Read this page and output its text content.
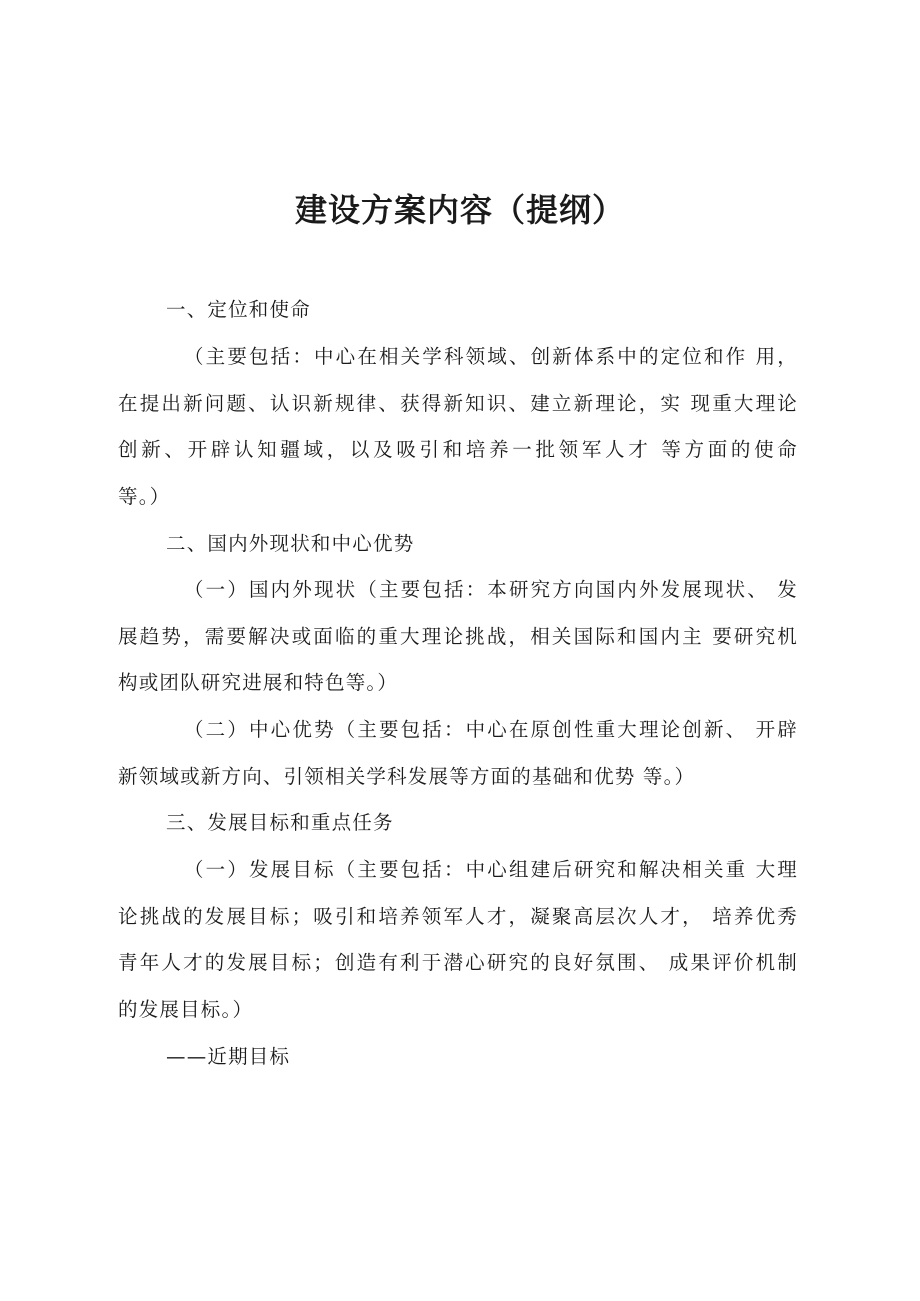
建设方案内容（提纲）

一、定位和使命

（主要包括：中心在相关学科领域、创新体系中的定位和作 用，

在提出新问题、认识新规律、获得新知识、建立新理论，实 现重大理论

创新、开辟认知疆域，以及吸引和培养一批领军人才 等方面的使命

等。）

二、国内外现状和中心优势

（一）国内外现状（主要包括：本研究方向国内外发展现状、 发

展趋势，需要解决或面临的重大理论挑战，相关国际和国内主 要研究机

构或团队研究进展和特色等。）

（二）中心优势（主要包括：中心在原创性重大理论创新、 开辟

新领域或新方向、引领相关学科发展等方面的基础和优势 等。）

三、发展目标和重点任务

（一）发展目标（主要包括：中心组建后研究和解决相关重 大理

论挑战的发展目标；吸引和培养领军人才，凝聚高层次人才， 培养优秀

青年人才的发展目标；创造有利于潜心研究的良好氛围、 成果评价机制

的发展目标。）

——近期目标
